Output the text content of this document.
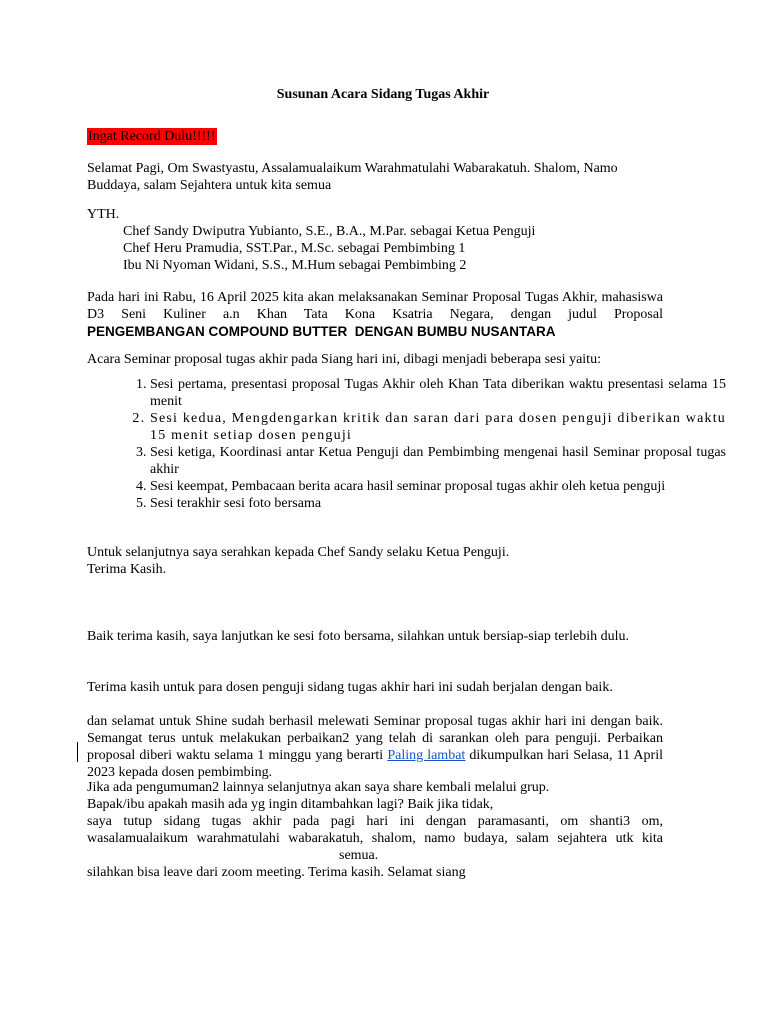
Susunan Acara Sidang Tugas Akhir
Ingat Record Dulu!!!!!

Selamat Pagi, Om Swastyastu, Assalamualaikum Warahmatulahi Wabarakatuh. Shalom, Namo Buddaya, salam Sejahtera untuk kita semua

YTH.

Chef Sandy Dwiputra Yubianto, S.E., B.A., M.Par. sebagai Ketua Penguji

Chef Heru Pramudia, SST.Par., M.Sc. sebagai Pembimbing 1

Ibu Ni Nyoman Widani, S.S., M.Hum sebagai Pembimbing 2

Pada hari ini Rabu, 16 April 2025 kita akan melaksanakan Seminar Proposal Tugas Akhir, mahasiswa D3 Seni Kuliner a.n Khan Tata Kona Ksatria Negara, dengan judul Proposal

PENGEMBANGAN COMPOUND BUTTER  DENGAN BUMBU NUSANTARA

Acara Seminar proposal tugas akhir pada Siang hari ini, dibagi menjadi beberapa sesi yaitu:

1. Sesi pertama, presentasi proposal Tugas Akhir oleh Khan Tata diberikan waktu presentasi selama 15 menit
2. Sesi kedua, Mengdengarkan kritik dan saran dari para dosen penguji diberikan waktu 15 menit setiap dosen penguji
3. Sesi ketiga, Koordinasi antar Ketua Penguji dan Pembimbing mengenai hasil Seminar proposal tugas akhir
4. Sesi keempat, Pembacaan berita acara hasil seminar proposal tugas akhir oleh ketua penguji
5. Sesi terakhir sesi foto bersama

Untuk selanjutnya saya serahkan kepada Chef Sandy selaku Ketua Penguji.

Terima Kasih.

Baik terima kasih, saya lanjutkan ke sesi foto bersama, silahkan untuk bersiap-siap terlebih dulu.

Terima kasih untuk para dosen penguji sidang tugas akhir hari ini sudah berjalan dengan baik.

dan selamat untuk Shine sudah berhasil melewati Seminar proposal tugas akhir hari ini dengan baik. Semangat terus untuk melakukan perbaikan2 yang telah di sarankan oleh para penguji. Perbaikan proposal diberi waktu selama 1 minggu yang berarti Paling lambat dikumpulkan hari Selasa, 11 April 2023 kepada dosen pembimbing.

Jika ada pengumuman2 lainnya selanjutnya akan saya share kembali melalui grup.

Bapak/ibu apakah masih ada yg ingin ditambahkan lagi? Baik jika tidak,

saya tutup sidang tugas akhir pada pagi hari ini dengan paramasanti, om shanti3 om, wasalamualaikum warahmatulahi wabarakatuh, shalom, namo budaya, salam sejahtera utk kitasemua.

silahkan bisa leave dari zoom meeting. Terima kasih. Selamat siang
